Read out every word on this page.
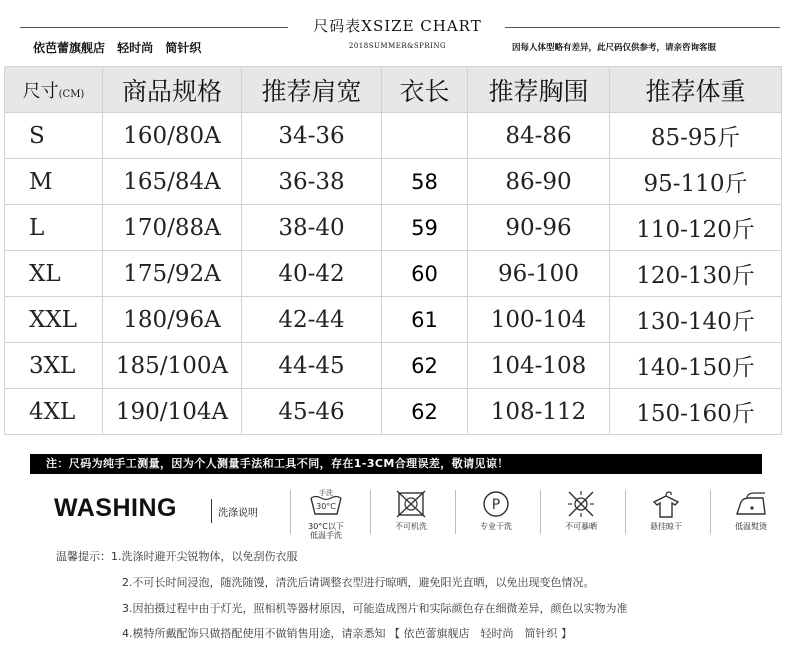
尺码表XSIZE CHART
2018SUMMER&SPRING
依芭蕾旗舰店 轻时尚 简针织	因每人体型略有差异，此尺码仅供参考，请亲咨询客服
尺寸(CM)	商品规格	推荐肩宽	衣长	推荐胸围	推荐体重
S	160/80A	34-36		84-86	85-95斤
M	165/84A	36-38	58	86-90	95-110斤
L	170/88A	38-40	59	90-96	110-120斤
XL	175/92A	40-42	60	96-100	120-130斤
XXL	180/96A	42-44	61	100-104	130-140斤
3XL	185/100A	44-45	62	104-108	140-150斤
4XL	190/104A	45-46	62	108-112	150-160斤
注：尺码为纯手工测量，因为个人测量手法和工具不同，存在1-3CM合理误差，敬请见谅！
WASHING	洗涤说明
手洗
30°C
30°C以下
低温手洗
不可机洗
P
专业干洗	不可暴晒	悬挂晾干	低温熨烫
温馨提示：1.洗涤时避开尖锐物体，以免刮伤衣服
2.不可长时间浸泡，随洗随馒，清洗后请调整衣型进行晾晒，避免阳光直晒，以免出现变色情况。
3.因拍摄过程中由于灯光，照相机等器材原因，可能造成图片和实际颜色存在细微差异，颜色以实物为准
4.模特所戴配饰只做搭配使用不做销售用途，请亲悉知 【 依芭蕾旗舰店　轻时尚　简针织 】
